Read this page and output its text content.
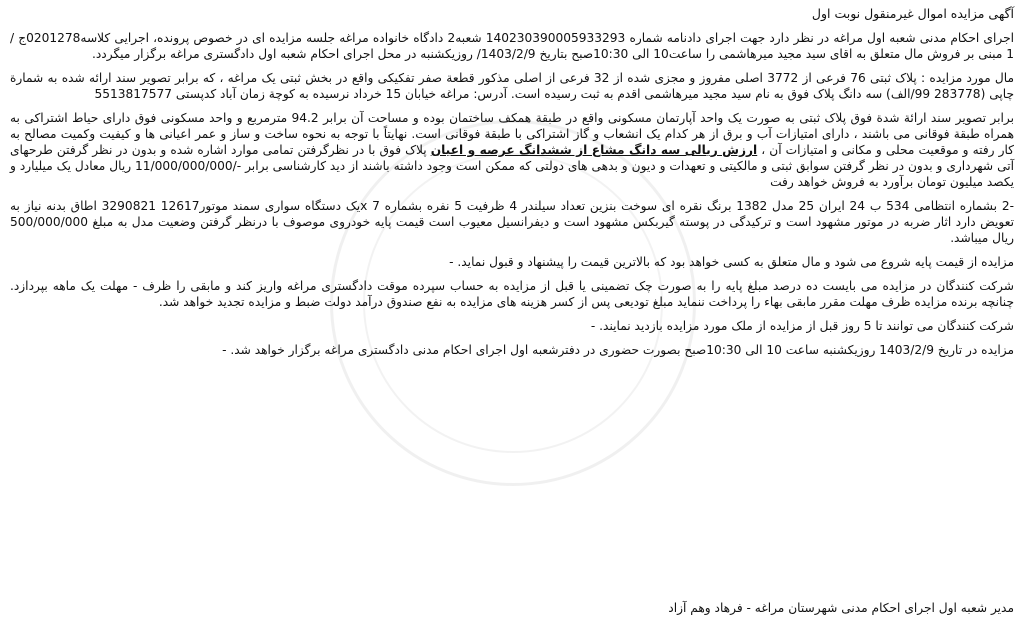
آگهی مزایده اموال غیرمنقول نوبت اول

اجرای احکام مدنی شعبه اول مراغه در نظر دارد جهت اجرای دادنامه شماره 140230390005933293 شعبه2 دادگاه خانواده مراغه جلسه مزایده ای در خصوص پرونده، اجرایی کلاسه0201278ج / 1 مبنی بر فروش مال متعلق به اقای سید مجید میرهاشمی را ساعت10 الی 10:30صبح بتاریخ 1403/2/9/ روزیکشنبه در محل اجرای احکام شعبه اول دادگستری مراغه برگزار میگردد.

مال مورد مزایده : پلاک ثبتی 76 فرعی از 3772 اصلی مفروز و مجزی شده از 32 فرعی از اصلی مذکور قطعة صفر تفکیکی واقع در بخش ثبتی یک مراغه ، که برابر تصویر سند ارائه شده به شمارة چاپی (283778 99/الف) سه دانگ پلاک فوق به نام سید مجید میرهاشمی اقدم به ثبت رسیده است. آدرس: مراغه خیابان 15 خرداد نرسیده به کوچة زمان آباد کدپستی 5513817577

برابر تصویر سند ارائة شدة فوق پلاک ثبتی به صورت یک واحد آپارتمان مسکونی واقع در طبقة همکف ساختمان بوده و مساحت آن برابر 94.2 مترمربع و واحد مسکونی فوق دارای حیاط اشتراکی به همراه طبقة فوقانی می باشند ، دارای امتیازات آب و برق از هر کدام یک انشعاب و گاز اشتراکی با طبقة فوقانی است. نهایتاً با توجه به نحوه ساخت و ساز و عمر اعیانی ها و کیفیت وکمیت مصالح به کار رفته و موقعیت محلی و مکانی و امتیازات آن ، ارزش ریالی سه دانگ مشاع از ششدانگ عرصه و اعیان پلاک فوق با در نظرگرفتن تمامی موارد اشاره شده و بدون در نظر گرفتن طرحهای آتی شهرداری و بدون در نظر گرفتن سوابق ثبتی و مالکیتی و تعهدات و دیون و بدهی های دولتی که ممکن است وجود داشته باشند از دید کارشناسی برابر -/11/000/000/000 ریال معادل یک میلیارد و یکصد میلیون تومان برآورد به فروش خواهد رفت

-2 بشماره انتظامی 534 ب 24 ایران 25 مدل 1382 برنگ نقره ای سوخت بنزین تعداد سیلندر 4 ظرفیت 5 نفره بشماره 7 xیک دستگاه سواری سمند موتور12617 3290821 اطاق بدنه نیاز به تعویض دارد اثار ضربه در موتور مشهود است و ترکیدگی در پوسته گیربکس مشهود است و دیفرانسیل معیوب است قیمت پایه خودروی موصوف با درنظر گرفتن وضعیت مدل به مبلغ 500/000/000 ریال میباشد.

مزایده از قیمت پایه شروع می شود و مال متعلق به کسی خواهد بود که بالاترین قیمت را پیشنهاد و قبول نماید. -

شرکت کنندگان در مزایده می بایست ده درصد مبلغ پایه را به صورت چک تضمینی یا قبل از مزایده به حساب سپرده موقت دادگستری مراغه واریز کند و مابقی را ظرف - مهلت یک ماهه بپردازد. چنانچه برنده مزایده ظرف مهلت مقرر مابقی بهاء را پرداخت ننماید مبلغ تودیعی پس از کسر هزینه های مزایده به نفع صندوق درآمد دولت ضبط و مزایده تجدید خواهد شد.

شرکت کنندگان می توانند تا 5 روز قبل از مزایده از ملک مورد مزایده بازدید نمایند. -

مزایده در تاریخ 1403/2/9 روزیکشنبه ساعت 10 الی 10:30صبح بصورت حضوری در دفترشعبه اول اجرای احکام مدنی دادگستری مراغه برگزار خواهد شد. -

مدیر شعبه اول اجرای احکام مدنی شهرستان مراغه - فرهاد وهم آزاد
